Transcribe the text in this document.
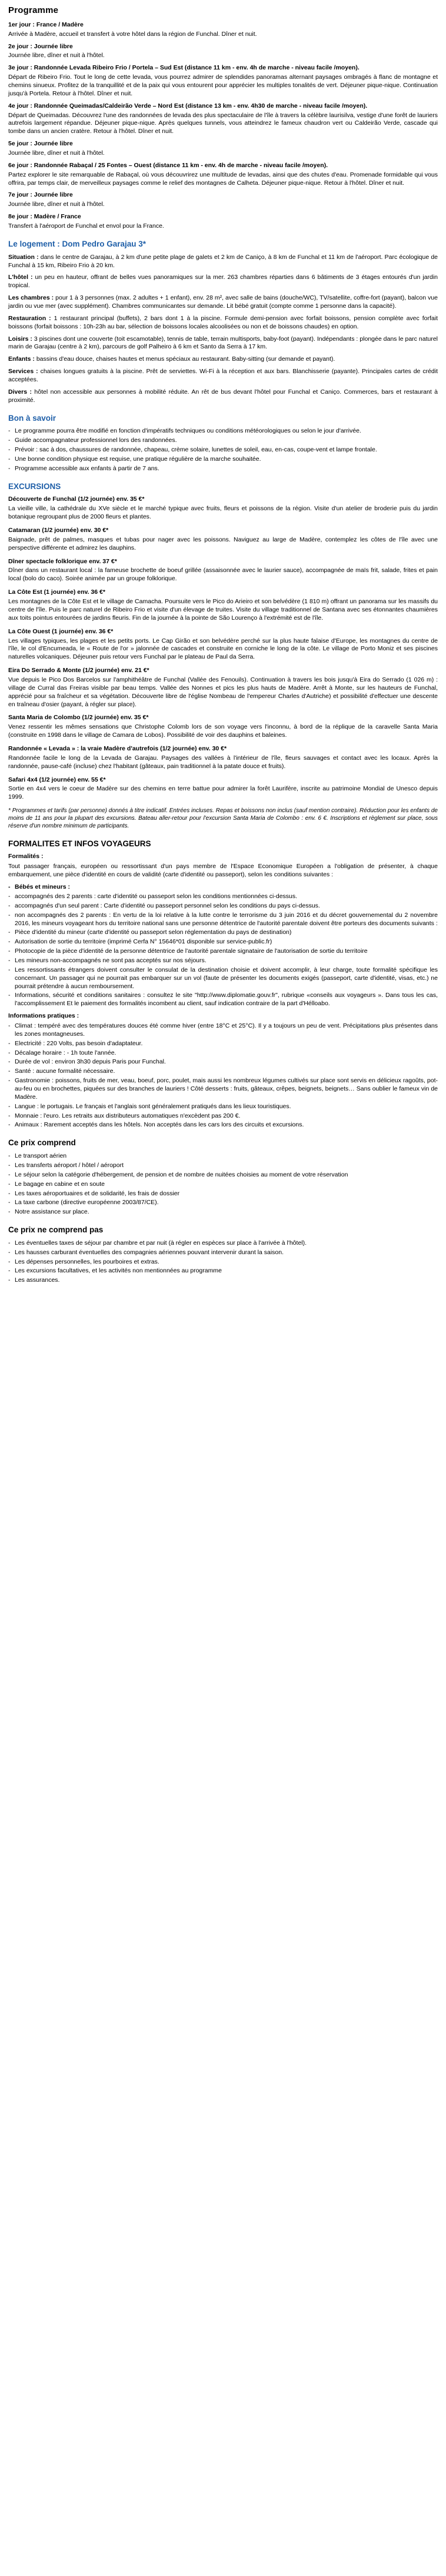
Programme
1er jour : France / Madère

Arrivée à Madère, accueil et transfert à votre hôtel dans la région de Funchal. Dîner et nuit.

2e jour : Journée libre

Journée libre, dîner et nuit à l'hôtel.

3e jour : Randonnée Levada Ribeiro Frio / Portela – Sud Est (distance 11 km - env. 4h de marche - niveau facile /moyen).

Départ de Ribeiro Frio. Tout le long de cette levada, vous pourrez admirer de splendides panoramas alternant paysages ombragés à flanc de montagne et chemins sinueux. Profitez de la tranquillité et de la paix qui vous entourent pour apprécier les multiples tonalités de vert. Déjeuner pique-nique. Continuation jusqu'à Portela. Retour à l'hôtel. Dîner et nuit.

4e jour : Randonnée Queimadas/Caldeirão Verde – Nord Est (distance 13 km - env. 4h30 de marche - niveau facile /moyen).

Départ de Queimadas. Découvrez l'une des randonnées de levada des plus spectaculaire de l'île à travers la célèbre laurisilva, vestige d'une forêt de lauriers autrefois largement répandue. Déjeuner pique-nique. Après quelques tunnels, vous atteindrez le fameux chaudron vert ou Caldeirão Verde, cascade qui tombe dans un ancien cratère. Retour à l'hôtel. Dîner et nuit.

5e jour : Journée libre

Journée libre, dîner et nuit à l'hôtel.

6e jour : Randonnée Rabaçal / 25 Fontes – Ouest (distance 11 km - env. 4h de marche - niveau facile /moyen).

Partez explorer le site remarquable de Rabaçal, où vous découvrirez une multitude de levadas, ainsi que des chutes d'eau. Promenade formidable qui vous offrira, par temps clair, de merveilleux paysages comme le relief des montagnes de Calheta. Déjeuner pique-nique. Retour à l'hôtel. Dîner et nuit.

7e jour : Journée libre

Journée libre, dîner et nuit à l'hôtel.

8e jour : Madère / France

Transfert à l'aéroport de Funchal et envol pour la France.

Le logement : Dom Pedro Garajau 3*

Situation : dans le centre de Garajau, à 2 km d'une petite plage de galets et 2 km de Caniço, à 8 km de Funchal et 11 km de l'aéroport. Parc écologique de Funchal à 15 km, Ribeiro Frio à 20 km.

L'hôtel : un peu en hauteur, offrant de belles vues panoramiques sur la mer. 263 chambres réparties dans 6 bâtiments de 3 étages entourés d'un jardin tropical.

Les chambres : pour 1 à 3 personnes (max. 2 adultes + 1 enfant), env. 28 m², avec salle de bains (douche/WC), TV/satellite, coffre-fort (payant), balcon vue jardin ou vue mer (avec supplément). Chambres communicantes sur demande. Lit bébé gratuit (compte comme 1 personne dans la capacité).

Restauration : 1 restaurant principal (buffets), 2 bars dont 1 à la piscine. Formule demi-pension avec forfait boissons, pension complète avec forfait boissons (forfait boissons : 10h-23h au bar, sélection de boissons locales alcoolisées ou non et de boissons chaudes) en option.

Loisirs : 3 piscines dont une couverte (toit escamotable), tennis de table, terrain multisports, baby-foot (payant). Indépendants : plongée dans le parc naturel marin de Garajau (centre à 2 km), parcours de golf Palheiro à 6 km et Santo da Serra à 17 km.

Enfants : bassins d'eau douce, chaises hautes et menus spéciaux au restaurant. Baby-sitting (sur demande et payant).

Services : chaises longues gratuits à la piscine. Prêt de serviettes. Wi-Fi à la réception et aux bars. Blanchisserie (payante). Principales cartes de crédit acceptées.

Divers : hôtel non accessible aux personnes à mobilité réduite. An rêt de bus devant l'hôtel pour Funchal et Caniço. Commerces, bars et restaurant à proximité.

Bon à savoir
- Le programme pourra être modifié en fonction d'impératifs techniques ou conditions météorologiques ou selon le jour d'arrivée.
- Guide accompagnateur professionnel lors des randonnées.
- Prévoir : sac à dos, chaussures de randonnée, chapeau, crème solaire, lunettes de soleil, eau, en-cas, coupe-vent et lampe frontale.
- Une bonne condition physique est requise, une pratique régulière de la marche souhaitée.
- Programme accessible aux enfants à partir de 7 ans.
EXCURSIONS
Découverte de Funchal (1/2 journée) env. 35 €*

La vieille ville, la cathédrale du XVe siècle et le marché typique avec fruits, fleurs et poissons de la région. Visite d'un atelier de broderie puis du jardin botanique regroupant plus de 2000 fleurs et plantes.

Catamaran (1/2 journée) env. 30 €*

Baignade, prêt de palmes, masques et tubas pour nager avec les poissons. Naviguez au large de Madère, contemplez les côtes de l'île avec une perspective différente et admirez les dauphins.

Dîner spectacle folklorique env. 37 €*

Dîner dans un restaurant local : la fameuse brochette de boeuf grillée (assaisonnée avec le laurier sauce), accompagnée de maïs frit, salade, frites et pain local (bolo do caco). Soirée animée par un groupe folklorique.

La Côte Est (1 journée) env. 36 €*

Les montagnes de la Côte Est et le village de Camacha. Poursuite vers le Pico do Arieiro et son belvédère (1 810 m) offrant un panorama sur les massifs du centre de l'île. Puis le parc naturel de Ribeiro Frio et visite d'un élevage de truites. Visite du village traditionnel de Santana avec ses étonnantes chaumières aux toits pointus entourées de jardins fleuris. Fin de la journée à la pointe de São Lourenço à l'extrémité est de l'île.

La Côte Ouest (1 journée) env. 36 €*

Les villages typiques, les plages et les petits ports. Le Cap Girão et son belvédère perché sur la plus haute falaise d'Europe, les montagnes du centre de l'île, le col d'Encumeada, le « Route de l'or » jalonnée de cascades et construite en corniche le long de la côte. Le village de Porto Moniz et ses piscines naturelles volcaniques. Déjeuner puis retour vers Funchal par le plateau de Paul da Serra.

Eira Do Serrado & Monte (1/2 journée) env. 21 €*

Vue depuis le Pico Dos Barcelos sur l'amphithéâtre de Funchal (Vallée des Fenouils). Continuation à travers les bois jusqu'à Eira do Serrado (1 026 m) : village de Curral das Freiras visible par beau temps. Vallée des Nonnes et pics les plus hauts de Madère. Arrêt à Monte, sur les hauteurs de Funchal, apprécié pour sa fraîcheur et sa végétation. Découverte libre de l'église Nombeau de l'empereur Charles d'Autriche) et possibilité d'effectuer une descente en traîneau d'osier (payant, à régler sur place).

Santa Maria de Colombo (1/2 journée) env. 35 €*

Venez ressentir les mêmes sensations que Christophe Colomb lors de son voyage vers l'inconnu, à bord de la réplique de la caravelle Santa Maria (construite en 1998 dans le village de Camara de Lobos). Possibilité de voir des dauphins et baleines.

Randonnée « Levada » : la vraie Madère d'autrefois (1/2 journée) env. 30 €*

Randonnée facile le long de la Levada de Garajau. Paysages des vallées à l'intérieur de l'île, fleurs sauvages et contact avec les locaux. Après la randonnée, pause-café (incluse) chez l'habitant (gâteaux, pain traditionnel à la patate douce et fruits).

Safari 4x4 (1/2 journée) env. 55 €*

Sortie en 4x4 vers le coeur de Madère sur des chemins en terre battue pour admirer la forêt Laurifère, inscrite au patrimoine Mondial de Unesco depuis 1999.

* Programmes et tarifs (par personne) donnés à titre indicatif. Entrées incluses. Repas et boissons non inclus (sauf mention contraire). Réduction pour les enfants de moins de 11 ans pour la plupart des excursions. Bateau aller-retour pour l'excursion Santa Maria de Colombo : env. 6 €. Inscriptions et règlement sur place, sous réserve d'un nombre minimum de participants.

FORMALITES ET INFOS VOYAGEURS

Formalités :

Tout passager français, européen ou ressortissant d'un pays membre de l'Espace Economique Européen a l'obligation de présenter, à chaque embarquement, une pièce d'identité en cours de validité (carte d'identité ou passeport), selon les conditions suivantes :

- Bébés et mineurs :
- accompagnés des 2 parents : carte d'identité ou passeport selon les conditions mentionnées ci-dessus.
- accompagnés d'un seul parent : Carte d'identité ou passeport personnel selon les conditions du pays ci-dessus.
- non accompagnés des 2 parents : En vertu de la loi relative à la lutte contre le terrorisme du 3 juin 2016 et du décret gouvernemental du 2 novembre 2016, les mineurs voyageant hors du territoire national sans une personne détentrice de l'autorité parentale doivent être porteurs des documents suivants :
- Pièce d'identité du mineur (carte d'identité ou passeport selon réglementation du pays de destination)
- Autorisation de sortie du territoire (imprimé Cerfa N° 15646*01 disponible sur service-public.fr)
- Photocopie de la pièce d'identité de la personne détentrice de l'autorité parentale signataire de l'autorisation de sortie du territoire
- Les mineurs non-accompagnés ne sont pas acceptés sur nos séjours.
- Les ressortissants étrangers doivent consulter le consulat de la destination choisie et doivent accomplir, à leur charge, toute formalité spécifique les concernant. Un passager qui ne pourrait pas embarquer sur un vol (faute de présenter les documents exigés (passeport, carte d'identité, visas, etc.) ne pourrait prétendre à aucun remboursement.
- Informations, sécurité et conditions sanitaires : consultez le site "http://www.diplomatie.gouv.fr", rubrique «conseils aux voyageurs ». Dans tous les cas, l'accomplissement Et le paiement des formalités incombent au client, sauf indication contraire de la part d'Hélloabo.

Informations pratiques :

- Climat : tempéré avec des températures douces été comme hiver (entre 18°C et 25°C). Il y a toujours un peu de vent. Précipitations plus présentes dans les zones montagneuses.
- Electricité : 220 Volts, pas besoin d'adaptateur.
- Décalage horaire : - 1h toute l'année.
- Durée de vol : environ 3h30 depuis Paris pour Funchal.
- Santé : aucune formalité nécessaire.
- Gastronomie : poissons, fruits de mer, veau, boeuf, porc, poulet, mais aussi les nombreux légumes cultivés sur place sont servis en délicieux ragoûts, pot-au-feu ou en brochettes, piquées sur des branches de lauriers ! Côté desserts : fruits, gâteaux, crêpes, beignets, beignets… Sans oublier le fameux vin de Madère.
- Langue : le portugais. Le français et l'anglais sont généralement pratiqués dans les lieux touristiques.
- Monnaie : l'euro. Les retraits aux distributeurs automatiques n'excèdent pas 200 €.
- Animaux : Rarement acceptés dans les hôtels. Non acceptés dans les cars lors des circuits et excursions.
Ce prix comprend
- Le transport aérien
- Les transferts aéroport / hôtel / aéroport
- Le séjour selon la catégorie d'hébergement, de pension et de nombre de nuitées choisies au moment de votre réservation
- Le bagage en cabine et en soute
- Les taxes aéroportuaires et de solidarité, les frais de dossier
- La taxe carbone (directive européenne 2003/87/CE).
- Notre assistance sur place.
Ce prix ne comprend pas
- Les éventuelles taxes de séjour par chambre et par nuit (à régler en espèces sur place à l'arrivée à l'hôtel).
- Les hausses carburant éventuelles des compagnies aériennes pouvant intervenir durant la saison.
- Les dépenses personnelles, les pourboires et extras.
- Les excursions facultatives, et les activités non mentionnées au programme
- Les assurances.
